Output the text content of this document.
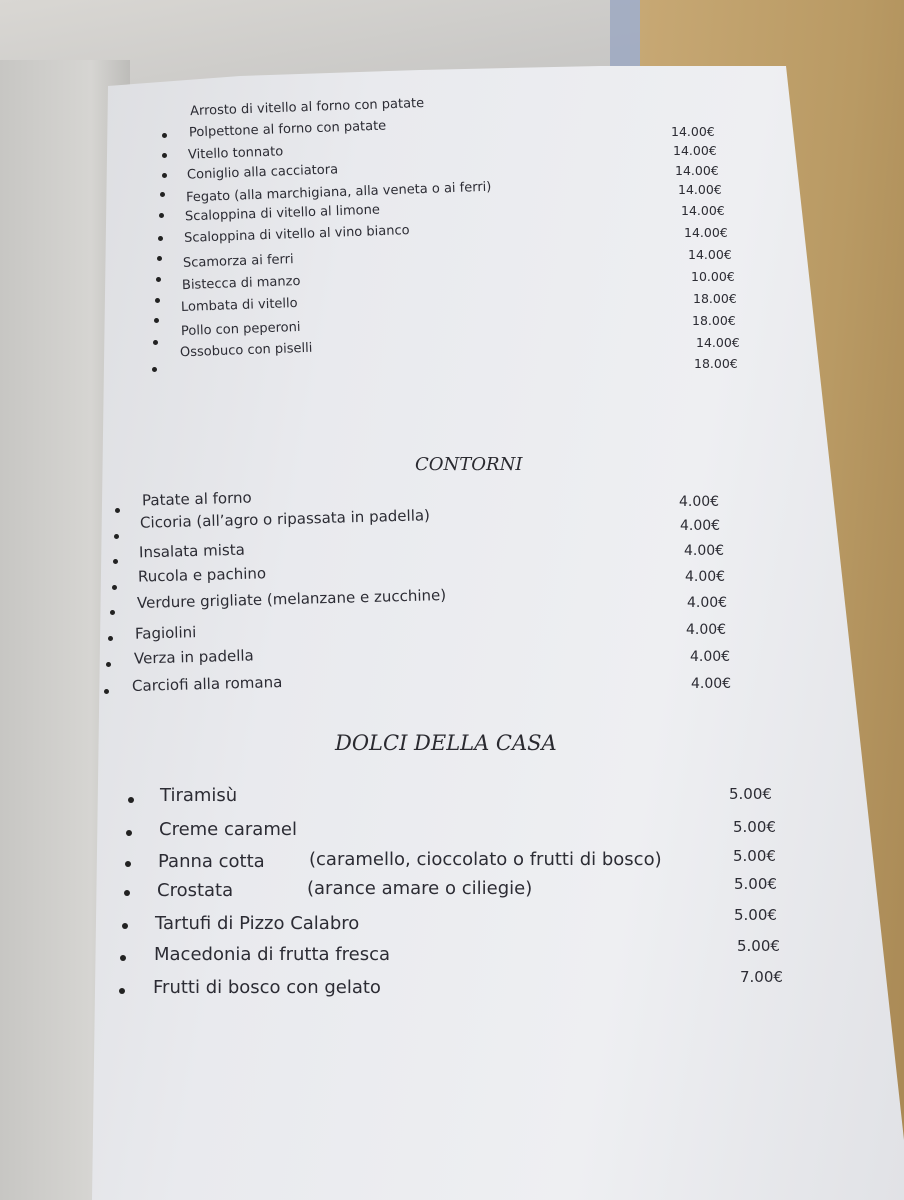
Arrosto di vitello al forno con patate
Polpettone al forno con patate
Vitello tonnato
Coniglio alla cacciatora
Fegato (alla marchigiana, alla veneta o ai ferri)
Scaloppina di vitello al limone
Scaloppina di vitello al vino bianco
Scamorza ai ferri
Bistecca di manzo
Lombata di vitello
Pollo con peperoni
Ossobuco con piselli
14.00€
14.00€
14.00€
14.00€
14.00€
14.00€
14.00€
10.00€
18.00€
18.00€
14.00€
18.00€
CONTORNI
Patate al forno
Cicoria (all’agro o ripassata in padella)
Insalata mista
Rucola e pachino
Verdure grigliate (melanzane e zucchine)
Fagiolini
Verza in padella
Carciofi alla romana
4.00€
4.00€
4.00€
4.00€
4.00€
4.00€
4.00€
4.00€
DOLCI DELLA CASA
Tiramisù
Creme caramel
Panna cotta (caramello, cioccolato o frutti di bosco)
Crostata	(arance amare o ciliegie)
Tartufi di Pizzo Calabro
Macedonia di frutta fresca
Frutti di bosco con gelato
5.00€
5.00€
5.00€
5.00€
5.00€
5.00€
7.00€
